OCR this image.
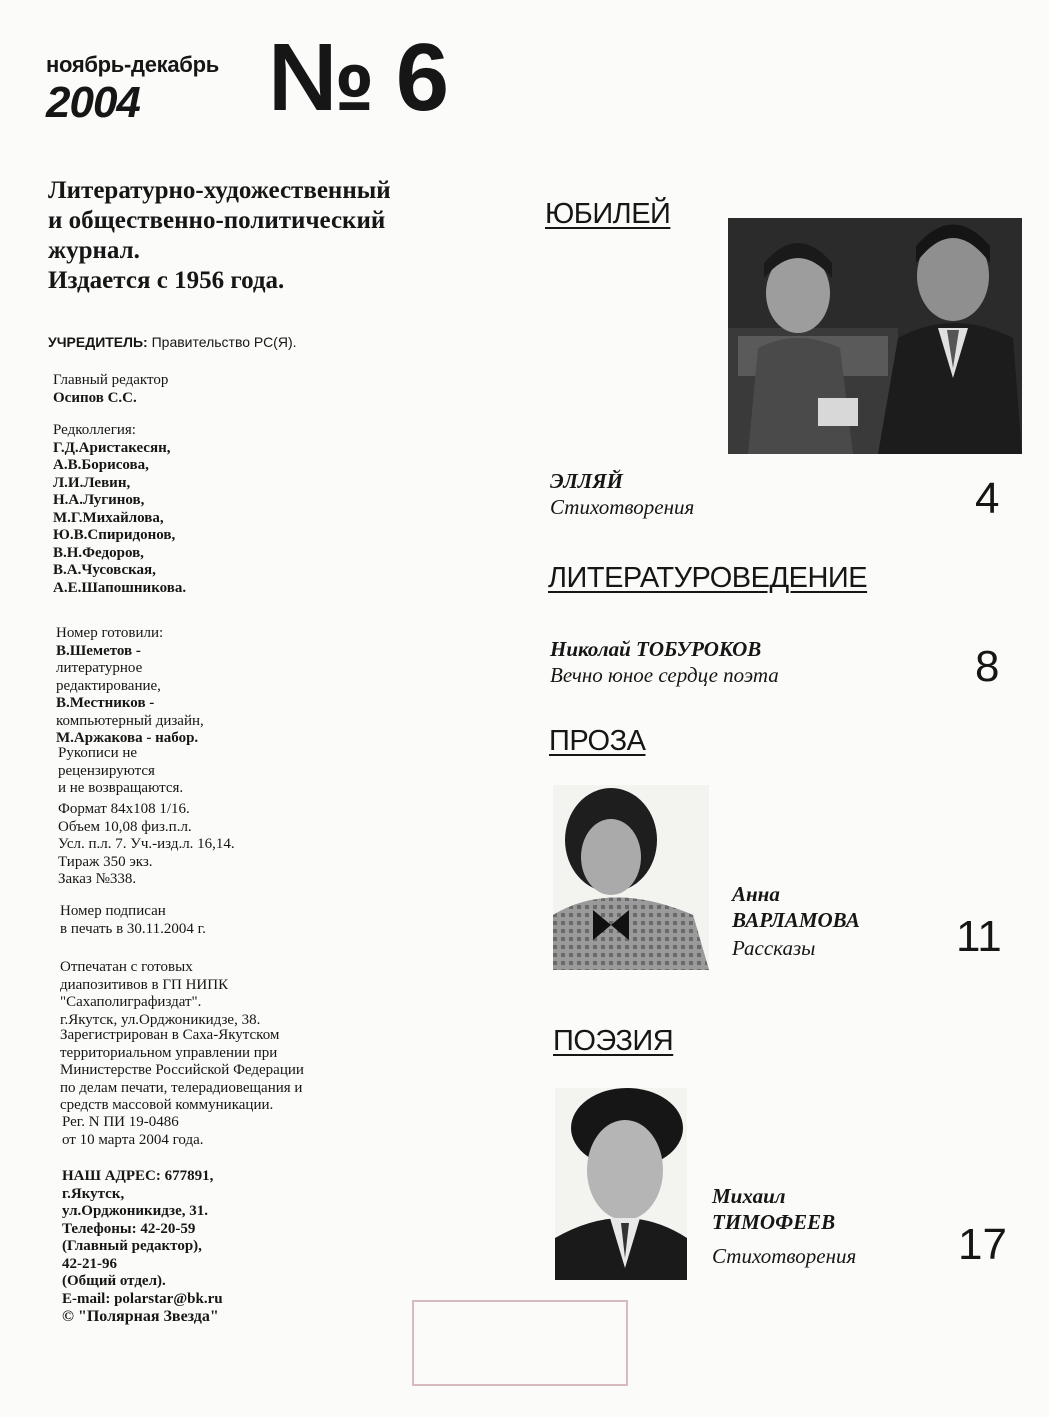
ноябрь-декабрь
2004 № 6
Литературно-художественный
и общественно-политический
журнал.
Издается с 1956 года.
УЧРЕДИТЕЛЬ: Правительство РС(Я).
Главный редактор
Осипов С.С.
Редколлегия:
Г.Д.Аристакесян,
А.В.Борисова,
Л.И.Левин,
Н.А.Лугинов,
М.Г.Михайлова,
Ю.В.Спиридонов,
В.Н.Федоров,
В.А.Чусовская,
А.Е.Шапошникова.
Номер готовили:
В.Шеметов -
литературное
редактирование,
В.Местников -
компьютерный дизайн,
М.Аржакова - набор.
Рукописи не
рецензируются
и не возвращаются.
Формат 84х108 1/16.
Объем 10,08 физ.п.л.
Усл. п.л. 7. Уч.-изд.л. 16,14.
Тираж 350 экз.
Заказ №338.
Номер подписан
в печать в 30.11.2004 г.
Отпечатан с готовых
диапозитивов в ГП НИПК
"Сахаполиграфиздат".
г.Якутск, ул.Орджоникидзе, 38.
Зарегистрирован в Саха-Якутском
территориальном управлении при
Министерстве Российской Федерации
по делам печати, телерадиовещания и
средств массовой коммуникации.
Рег. N ПИ 19-0486
от 10 марта 2004 года.
НАШ АДРЕС: 677891,
г.Якутск,
ул.Орджоникидзе, 31.
Телефоны: 42-20-59
(Главный редактор),
42-21-96
(Общий отдел).
E-mail: polarstar@bk.ru
© "Полярная Звезда"
ЮБИЛЕЙ
ЭЛЛЯЙ
Стихотворения	4
ЛИТЕРАТУРОВЕДЕНИЕ
Николай ТОБУРОКОВ
Вечно юное сердце поэта	8
ПРОЗА
Анна
ВАРЛАМОВА
Рассказы	11
ПОЭЗИЯ
Михаил
ТИМОФЕЕВ
Стихотворения 17
